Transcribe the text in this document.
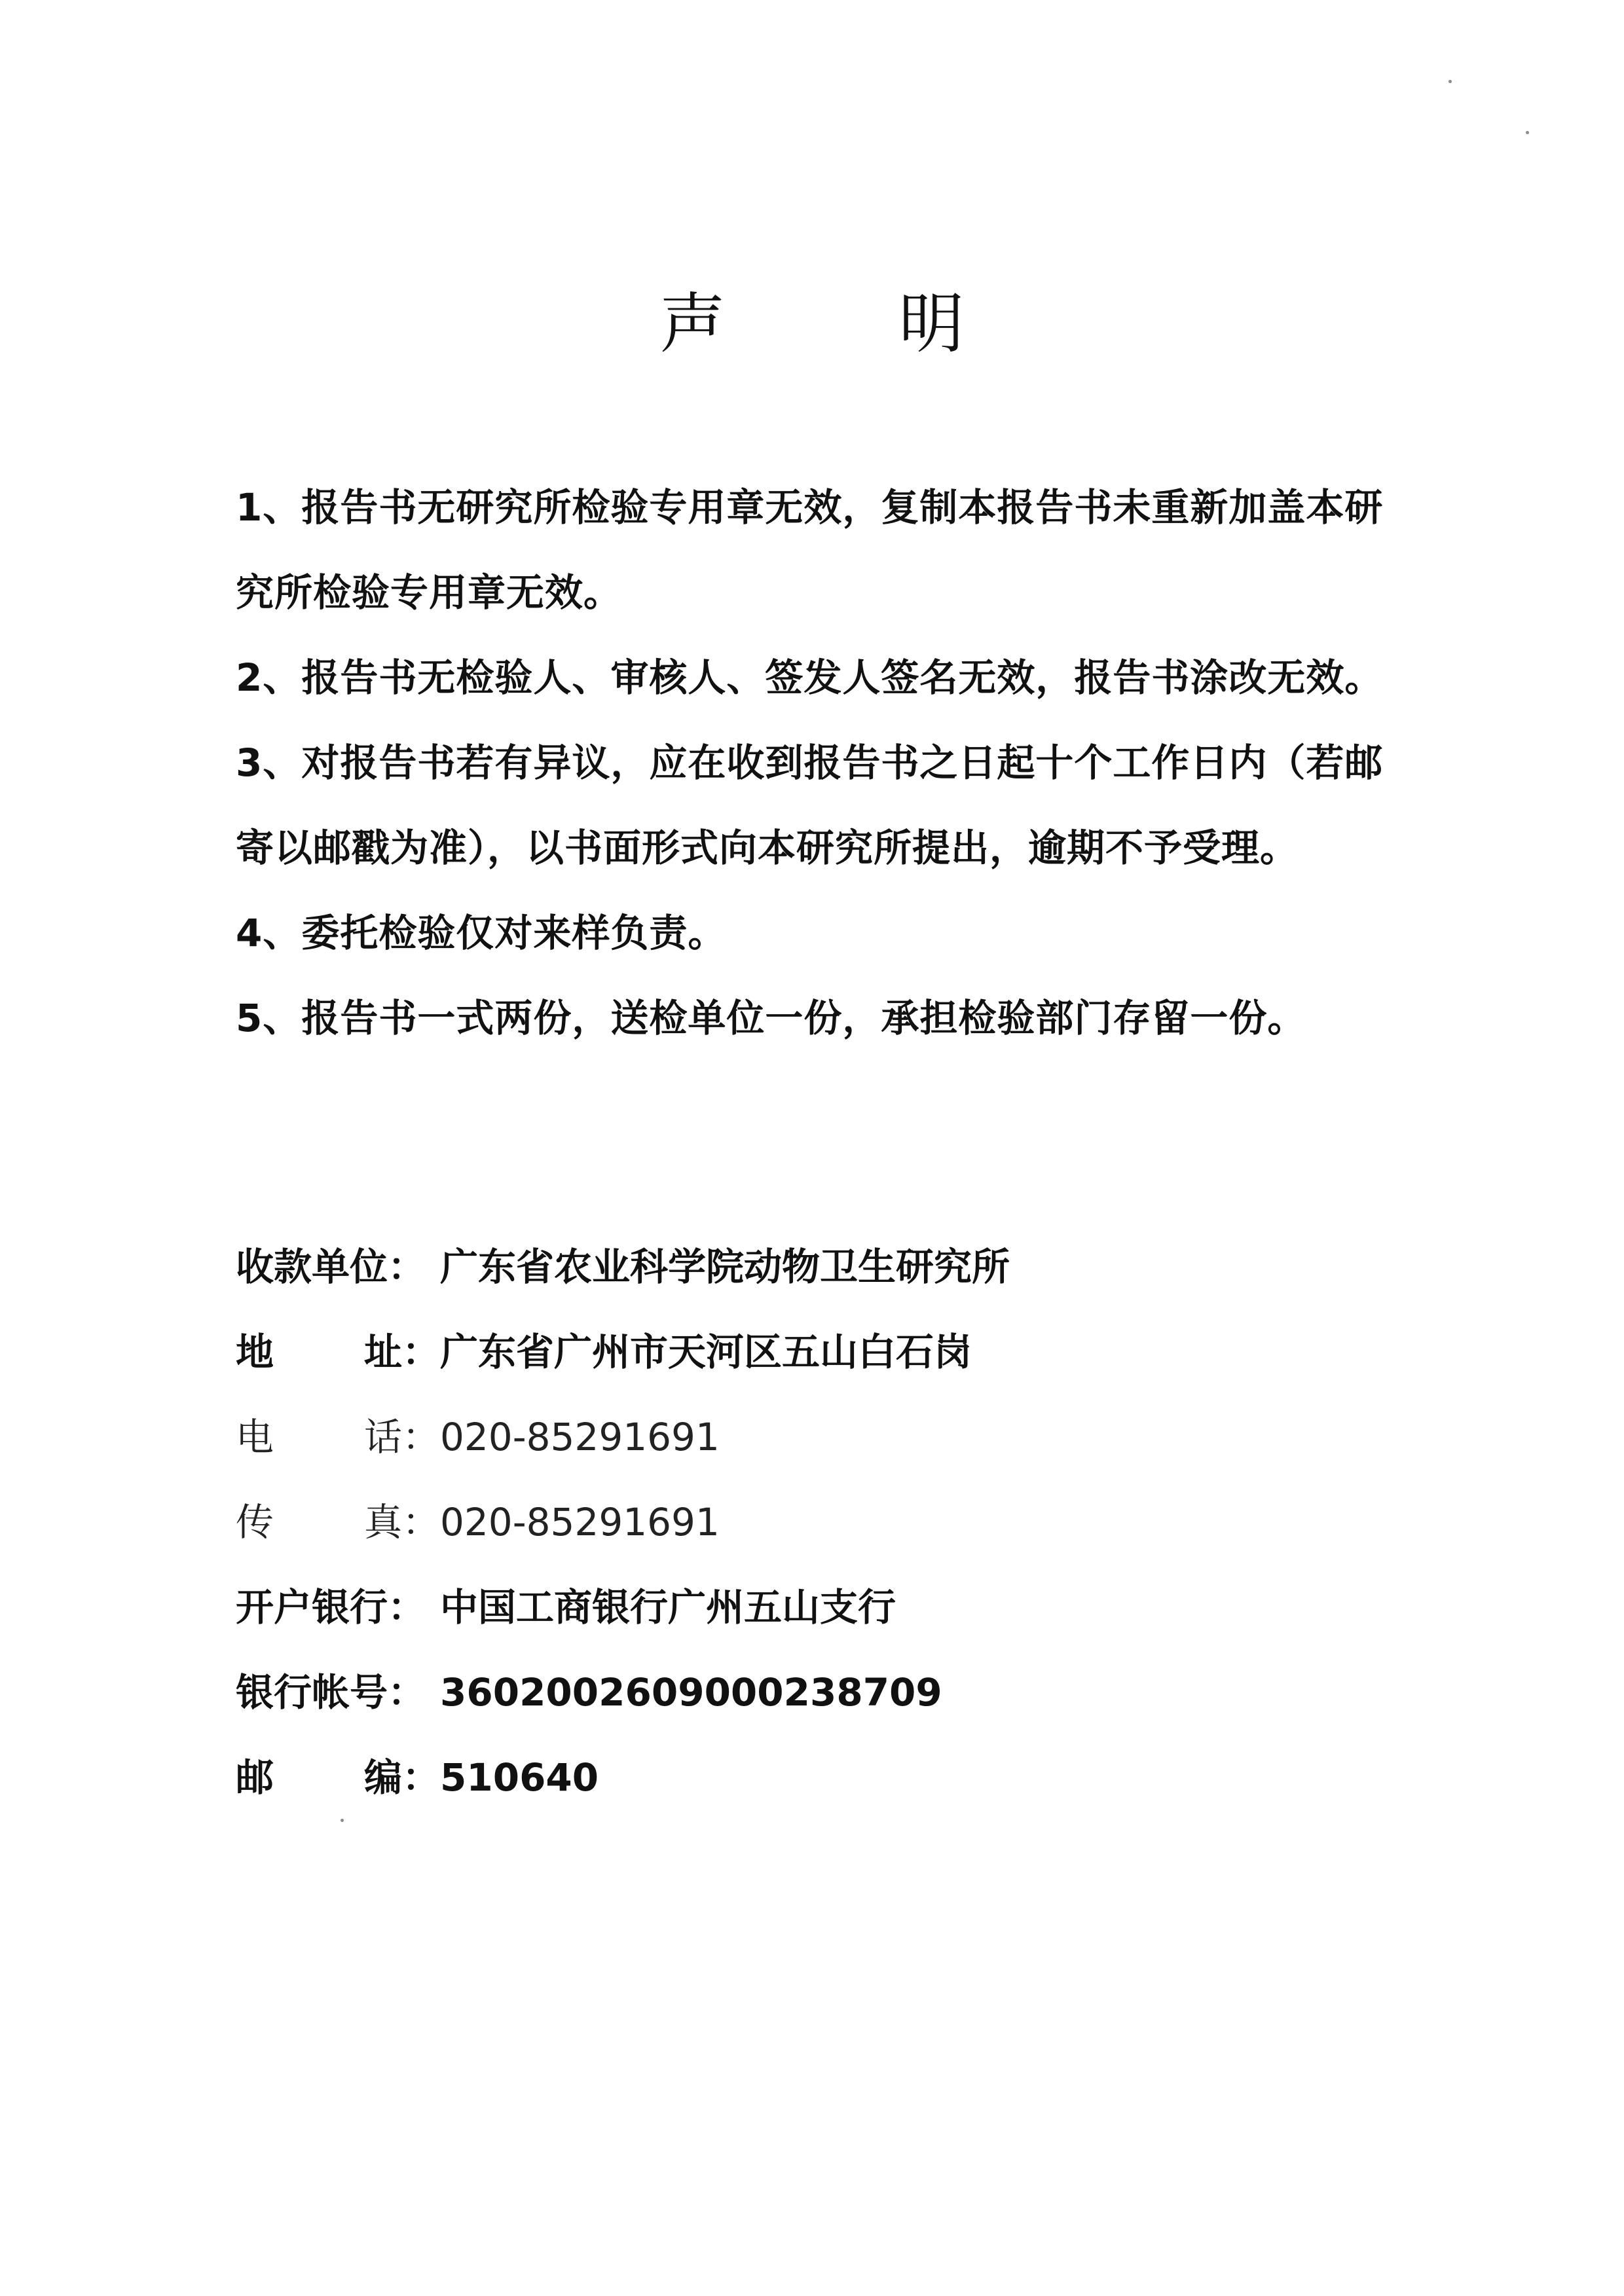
声	明

1、报告书无研究所检验专用章无效，复制本报告书未重新加盖本研究所检验专用章无效。

2、报告书无检验人、审核人、签发人签名无效，报告书涂改无效。

3、对报告书若有异议，应在收到报告书之日起十个工作日内（若邮寄以邮戳为准），以书面形式向本研究所提出，逾期不予受理。

4、委托检验仅对来样负责。

5、报告书一式两份，送检单位一份，承担检验部门存留一份。

收款单位： 广东省农业科学院动物卫生研究所
地 址： 广东省广州市天河区五山白石岗
电 话： 020-85291691
传 真： 020-85291691
开户银行： 中国工商银行广州五山支行
银行帐号： 3602002609000238709
邮 编： 510640
